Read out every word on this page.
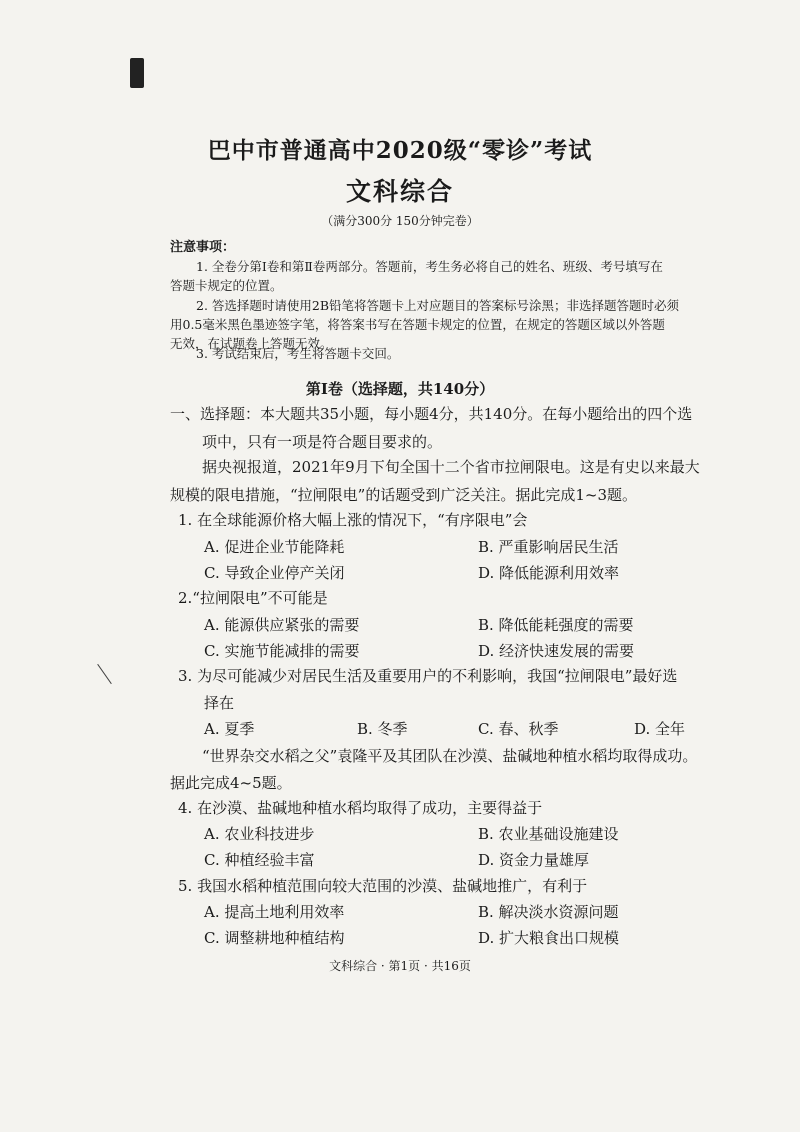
巴中市普通高中2020级“零诊”考试
文科综合
（满分300分 150分钟完卷）
注意事项：
1. 全卷分第Ⅰ卷和第Ⅱ卷两部分。答题前，考生务必将自己的姓名、班级、考号填写在
答题卡规定的位置。
2. 答选择题时请使用2B铅笔将答题卡上对应题目的答案标号涂黑；非选择题答题时必须
用0.5毫米黑色墨迹签字笔，将答案书写在答题卡规定的位置，在规定的答题区域以外答题
无效，在试题卷上答题无效。
3. 考试结束后，考生将答题卡交回。
第Ⅰ卷（选择题，共140分）
一、选择题：本大题共35小题，每小题4分，共140分。在每小题给出的四个选
项中，只有一项是符合题目要求的。
据央视报道，2021年9月下旬全国十二个省市拉闸限电。这是有史以来最大
规模的限电措施，“拉闸限电”的话题受到广泛关注。据此完成1~3题。
1. 在全球能源价格大幅上涨的情况下，“有序限电”会
A. 促进企业节能降耗	B. 严重影响居民生活
C. 导致企业停产关闭	D. 降低能源利用效率
2.“拉闸限电”不可能是
A. 能源供应紧张的需要	B. 降低能耗强度的需要
C. 实施节能减排的需要	D. 经济快速发展的需要
3. 为尽可能减少对居民生活及重要用户的不利影响，我国“拉闸限电”最好选
择在
A. 夏季	B. 冬季	C. 春、秋季	D. 全年
“世界杂交水稻之父”袁隆平及其团队在沙漠、盐碱地种植水稻均取得成功。
据此完成4~5题。
4. 在沙漠、盐碱地种植水稻均取得了成功，主要得益于
A. 农业科技进步	B. 农业基础设施建设
C. 种植经验丰富	D. 资金力量雄厚
5. 我国水稻种植范围向较大范围的沙漠、盐碱地推广，有利于
A. 提高土地利用效率	B. 解决淡水资源问题
C. 调整耕地种植结构	D. 扩大粮食出口规模
文科综合 · 第1页 · 共16页
